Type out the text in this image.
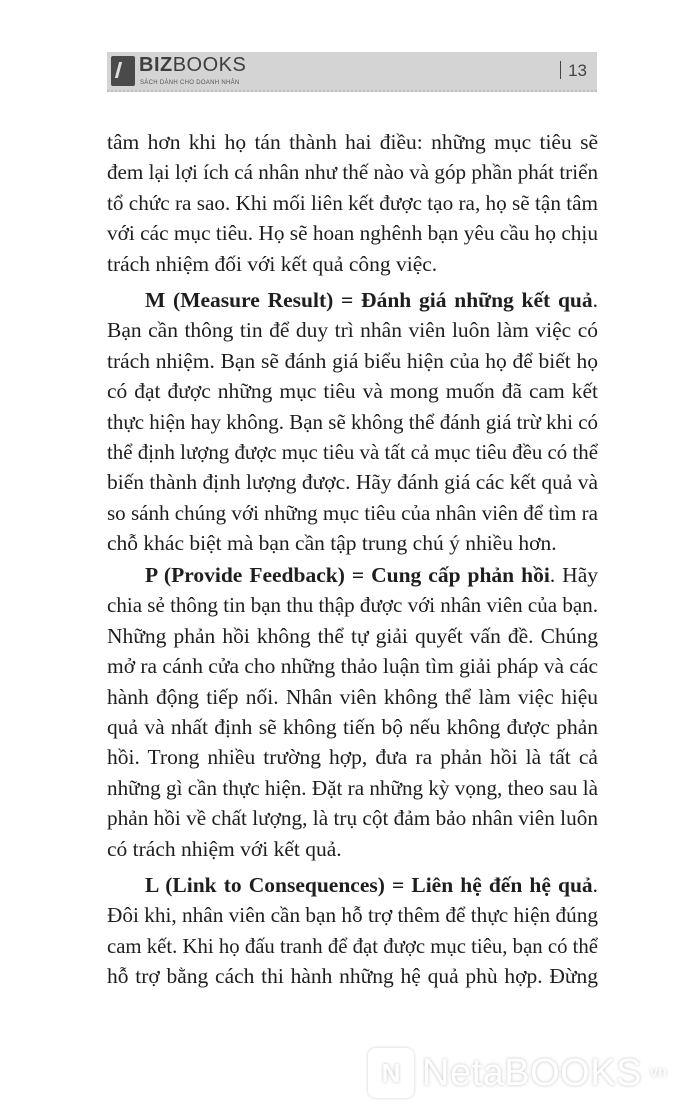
BIZBOOKS
SÁCH DÀNH CHO DOANH NHÂN
13
tâm hơn khi họ tán thành hai điều: những mục tiêu sẽ
đem lại lợi ích cá nhân như thế nào và góp phần phát triển
tổ chức ra sao. Khi mối liên kết được tạo ra, họ sẽ tận tâm
với các mục tiêu. Họ sẽ hoan nghênh bạn yêu cầu họ chịu
trách nhiệm đối với kết quả công việc.
M (Measure Result) = Đánh giá những kết quả.
Bạn cần thông tin để duy trì nhân viên luôn làm việc có
trách nhiệm. Bạn sẽ đánh giá biểu hiện của họ để biết họ
có đạt được những mục tiêu và mong muốn đã cam kết
thực hiện hay không. Bạn sẽ không thể đánh giá trừ khi có
thể định lượng được mục tiêu và tất cả mục tiêu đều có thể
biến thành định lượng được. Hãy đánh giá các kết quả và
so sánh chúng với những mục tiêu của nhân viên để tìm ra
chỗ khác biệt mà bạn cần tập trung chú ý nhiều hơn.
P (Provide Feedback) = Cung cấp phản hồi. Hãy
chia sẻ thông tin bạn thu thập được với nhân viên của bạn.
Những phản hồi không thể tự giải quyết vấn đề. Chúng
mở ra cánh cửa cho những thảo luận tìm giải pháp và các
hành động tiếp nối. Nhân viên không thể làm việc hiệu
quả và nhất định sẽ không tiến bộ nếu không được phản
hồi. Trong nhiều trường hợp, đưa ra phản hồi là tất cả
những gì cần thực hiện. Đặt ra những kỳ vọng, theo sau là
phản hồi về chất lượng, là trụ cột đảm bảo nhân viên luôn
có trách nhiệm với kết quả.
L (Link to Consequences) = Liên hệ đến hệ quả.
Đôi khi, nhân viên cần bạn hỗ trợ thêm để thực hiện đúng
cam kết. Khi họ đấu tranh để đạt được mục tiêu, bạn có thể
hỗ trợ bằng cách thi hành những hệ quả phù hợp. Đừng
N NetaBOOKS vn
